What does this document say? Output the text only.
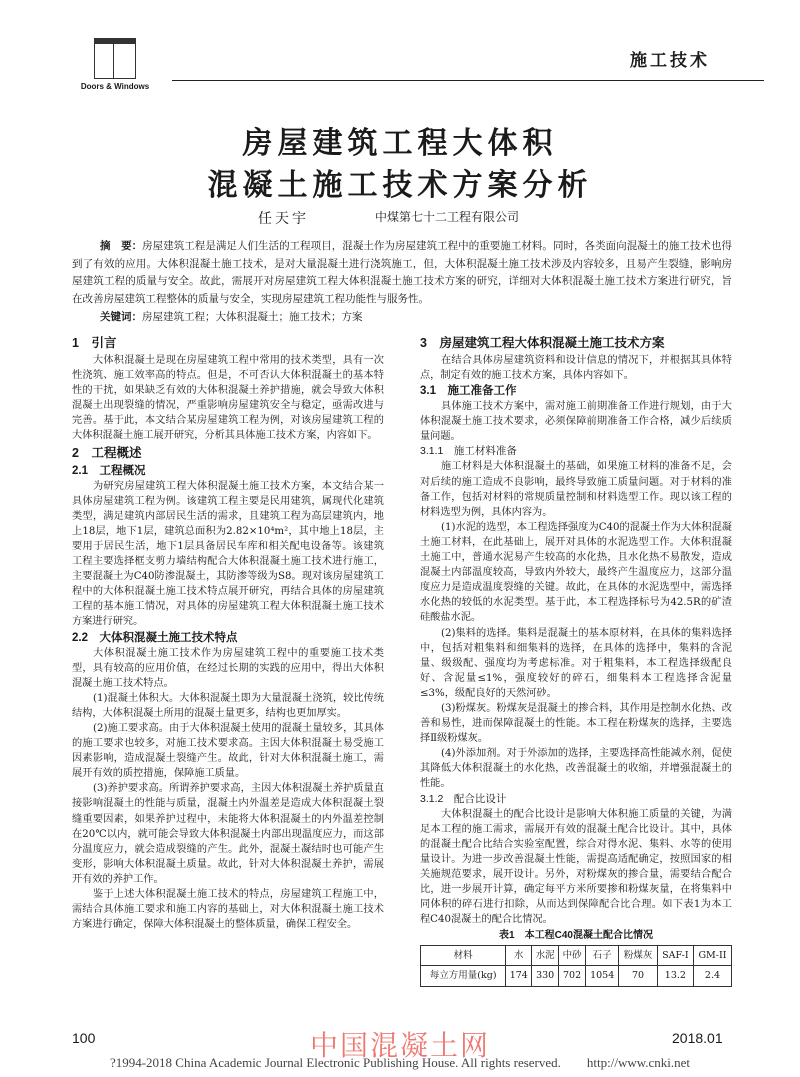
Doors & Windows
施工技术
房屋建筑工程大体积
混凝土施工技术方案分析
任天宇	中煤第七十二工程有限公司

摘　要：房屋建筑工程是满足人们生活的工程项目，混凝土作为房屋建筑工程中的重要施工材料。同时，各类面向混凝土的施工技术也得到了有效的应用。大体积混凝土施工技术，是对大量混凝土进行浇筑施工，但，大体积混凝土施工技术涉及内容较多，且易产生裂缝，影响房屋建筑工程的质量与安全。故此，需展开对房屋建筑工程大体积混凝土施工技术方案的研究，详细对大体积混凝土施工技术方案进行研究，旨在改善房屋建筑工程整体的质量与安全，实现房屋建筑工程功能性与服务性。

关键词：房屋建筑工程；大体积混凝土；施工技术；方案
1　引言

大体积混凝土是现在房屋建筑工程中常用的技术类型，具有一次性浇筑、施工效率高的特点。但是，不可否认大体积混凝土的基本特性的干扰，如果缺乏有效的大体积混凝土养护措施，就会导致大体积混凝土出现裂缝的情况，严重影响房屋建筑安全与稳定，亟需改进与完善。基于此，本文结合某房屋建筑工程为例，对该房屋建筑工程的大体积混凝土施工展开研究，分析其具体施工技术方案，内容如下。

2　工程概述
2.1　工程概况

为研究房屋建筑工程大体积混凝土施工技术方案，本文结合某一具体房屋建筑工程为例。该建筑工程主要是民用建筑，属现代化建筑类型，满足建筑内部居民生活的需求，且建筑工程为高层建筑内，地上18层，地下1层，建筑总面积为2.82×10⁴m²，其中地上18层，主要用于居民生活，地下1层具备居民车库和相关配电设备等。该建筑工程主要选择框支剪力墙结构配合大体积混凝土施工技术进行施工，主要混凝土为C40防渗混凝土，其防渗等级为S8。现对该房屋建筑工程中的大体积混凝土施工技术特点展开研究，再结合具体的房屋建筑工程的基本施工情况，对具体的房屋建筑工程大体积混凝土施工技术方案进行研究。

2.2　大体积混凝土施工技术特点

大体积混凝土施工技术作为房屋建筑工程中的重要施工技术类型，具有较高的应用价值，在经过长期的实践的应用中，得出大体积混凝土施工技术特点。

(1)混凝土体积大。大体积混凝土即为大量混凝土浇筑，较比传统结构，大体积混凝土所用的混凝土量更多，结构也更加厚实。

(2)施工要求高。由于大体积混凝土使用的混凝土量较多，其具体的施工要求也较多，对施工技术要求高。主因大体积混凝土易受施工因素影响，造成混凝土裂缝产生。故此，针对大体积混凝土施工，需展开有效的质控措施，保障施工质量。

(3)养护要求高。所谓养护要求高，主因大体积混凝土养护质量直接影响混凝土的性能与质量，混凝土内外温差是造成大体积混凝土裂缝重要因素，如果养护过程中，未能将大体积混凝土的内外温差控制在20℃以内，就可能会导致大体积混凝土内部出现温度应力，而这部分温度应力，就会造成裂缝的产生。此外，混凝土凝结时也可能产生变形，影响大体积混凝土质量。故此，针对大体积混凝土养护，需展开有效的养护工作。

鉴于上述大体积混凝土施工技术的特点，房屋建筑工程施工中，需结合具体施工要求和施工内容的基础上，对大体积混凝土施工技术方案进行确定，保障大体积混凝土的整体质量，确保工程安全。

3　房屋建筑工程大体积混凝土施工技术方案

在结合具体房屋建筑资料和设计信息的情况下，并根据其具体特点，制定有效的施工技术方案，具体内容如下。

3.1　施工准备工作

具体施工技术方案中，需对施工前期准备工作进行规划，由于大体积混凝土施工技术要求，必须保障前期准备工作合格，减少后续质量问题。

3.1.1　施工材料准备

施工材料是大体积混凝土的基础，如果施工材料的准备不足，会对后续的施工造成不良影响，最终导致施工质量问题。对于材料的准备工作，包括对材料的常规质量控制和材料选型工作。现以该工程的材料选型为例，具体内容为。

(1)水泥的选型，本工程选择强度为C40的混凝土作为大体积混凝土施工材料，在此基础上，展开对具体的水泥选型工作。大体积混凝土施工中，普通水泥易产生较高的水化热，且水化热不易散发，造成混凝土内部温度较高，导致内外较大，最终产生温度应力，这部分温度应力是造成温度裂缝的关键。故此，在具体的水泥选型中，需选择水化热的较低的水泥类型。基于此，本工程选择标号为42.5R的矿渣硅酸盐水泥。

(2)集料的选择。集料是混凝土的基本原材料，在具体的集料选择中，包括对粗集料和细集料的选择，在具体的选择中，集料的含泥量、级级配、强度均为考虑标准。对于粗集料，本工程选择级配良好、含泥量≤1%，强度较好的碎石，细集料本工程选择含泥量≤3%，级配良好的天然河砂。

(3)粉煤灰。粉煤灰是混凝土的掺合料，其作用是控制水化热、改善和易性，进而保障混凝土的性能。本工程在粉煤灰的选择，主要选择Ⅱ级粉煤灰。

(4)外添加剂。对于外添加的选择，主要选择高性能减水剂，促使其降低大体积混凝土的水化热，改善混凝土的收缩，并增强混凝土的性能。

3.1.2　配合比设计

大体积混凝土的配合比设计是影响大体积施工质量的关键，为满足本工程的施工需求，需展开有效的混凝土配合比设计。其中，具体的混凝土配合比结合实验室配置，综合对得水泥、集料、水等的使用量设计。为进一步改善混凝土性能，需提高适配确定，按照国家的相关施规范要求，展开设计。另外，对粉煤灰的掺合量，需要结合配合比，进一步展开计算，确定每平方米所要掺和粉煤灰量，在将集料中同体积的碎石进行扣除，从而达到保障配合比合理。如下表1为本工程C40混凝土的配合比情况。

表1　本工程C40混凝土配合比情况
材料	水	水泥	中砂	石子	粉煤灰	SAF-I	GM-II
每立方用量(kg)	174	330	702	1054	70	13.2	2.4
100	2018.01
中国混凝土网
?1994-2018 China Academic Journal Electronic Publishing House. All rights reserved.　　http://www.cnki.net
